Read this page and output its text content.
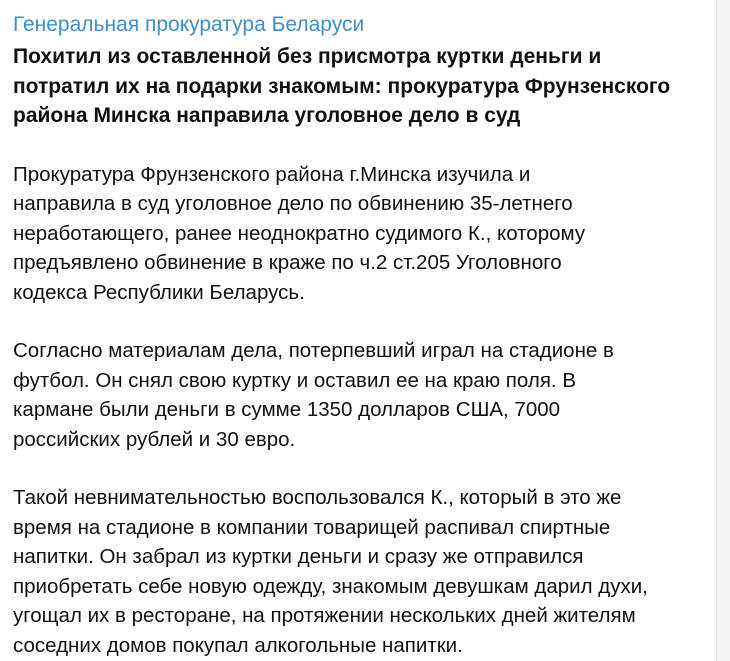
Генеральная прокуратура Беларуси
Похитил из оставленной без присмотра куртки деньги и
потратил их на подарки знакомым: прокуратура Фрунзенского
района Минска направила уголовное дело в суд
Прокуратура Фрунзенского района г.Минска изучила и
направила в суд уголовное дело по обвинению 35-летнего
неработающего, ранее неоднократно судимого К., которому
предъявлено обвинение в краже по ч.2 ст.205 Уголовного
кодекса Республики Беларусь.
Согласно материалам дела, потерпевший играл на стадионе в
футбол. Он снял свою куртку и оставил ее на краю поля. В
кармане были деньги в сумме 1350 долларов США, 7000
российских рублей и 30 евро.
Такой невнимательностью воспользовался К., который в это же
время на стадионе в компании товарищей распивал спиртные
напитки. Он забрал из куртки деньги и сразу же отправился
приобретать себе новую одежду, знакомым девушкам дарил духи,
угощал их в ресторане, на протяжении нескольких дней жителям
соседних домов покупал алкогольные напитки.
